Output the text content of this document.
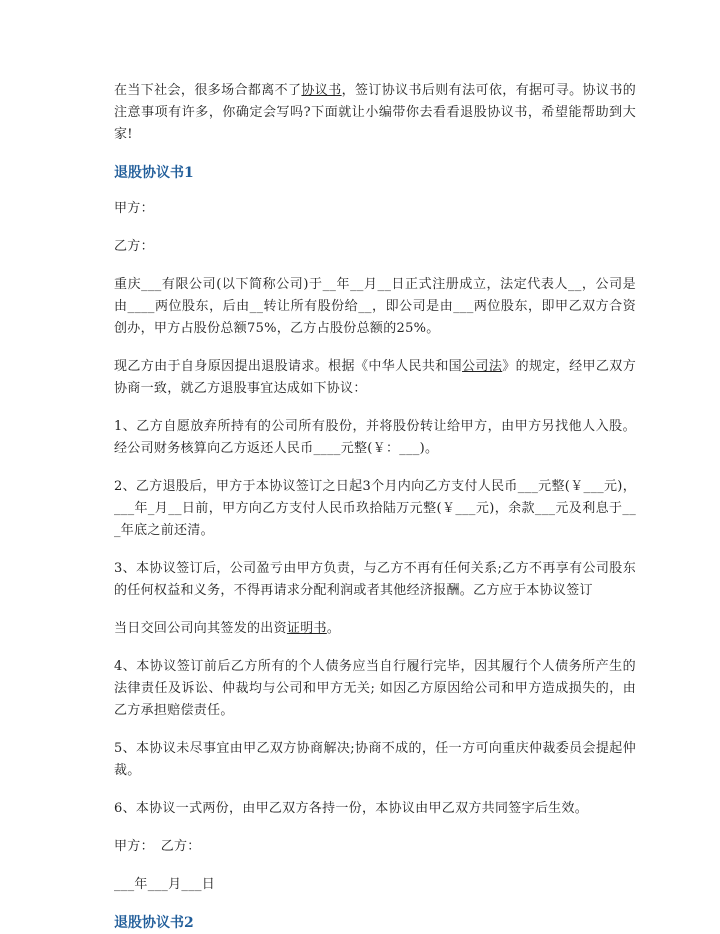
在当下社会，很多场合都离不了协议书，签订协议书后则有法可依，有据可寻。协议书的注意事项有许多，你确定会写吗?下面就让小编带你去看看退股协议书，希望能帮助到大家!

退股协议书1

甲方：

乙方：

重庆___有限公司(以下简称公司)于__年__月__日正式注册成立，法定代表人__，公司是由____两位股东，后由__转让所有股份给__，即公司是由___两位股东，即甲乙双方合资创办，甲方占股份总额75%，乙方占股份总额的25%。

现乙方由于自身原因提出退股请求。根据《中华人民共和国公司法》的规定，经甲乙双方协商一致，就乙方退股事宜达成如下协议：

1、乙方自愿放弃所持有的公司所有股份，并将股份转让给甲方，由甲方另找他人入股。经公司财务核算向乙方返还人民币____元整(￥：___)。

2、乙方退股后，甲方于本协议签订之日起3个月内向乙方支付人民币___元整(￥___元)，___年_月__日前，甲方向乙方支付人民币玖拾陆万元整(￥___元)，余款___元及利息于___年底之前还清。

3、本协议签订后，公司盈亏由甲方负责，与乙方不再有任何关系;乙方不再享有公司股东的任何权益和义务，不得再请求分配利润或者其他经济报酬。乙方应于本协议签订

当日交回公司向其签发的出资证明书。

4、本协议签订前后乙方所有的个人债务应当自行履行完毕，因其履行个人债务所产生的法律责任及诉讼、仲裁均与公司和甲方无关; 如因乙方原因给公司和甲方造成损失的，由乙方承担赔偿责任。

5、本协议未尽事宜由甲乙双方协商解决;协商不成的，任一方可向重庆仲裁委员会提起仲裁。

6、本协议一式两份，由甲乙双方各持一份，本协议由甲乙双方共同签字后生效。

甲方：　乙方：

___年___月___日

退股协议书2
